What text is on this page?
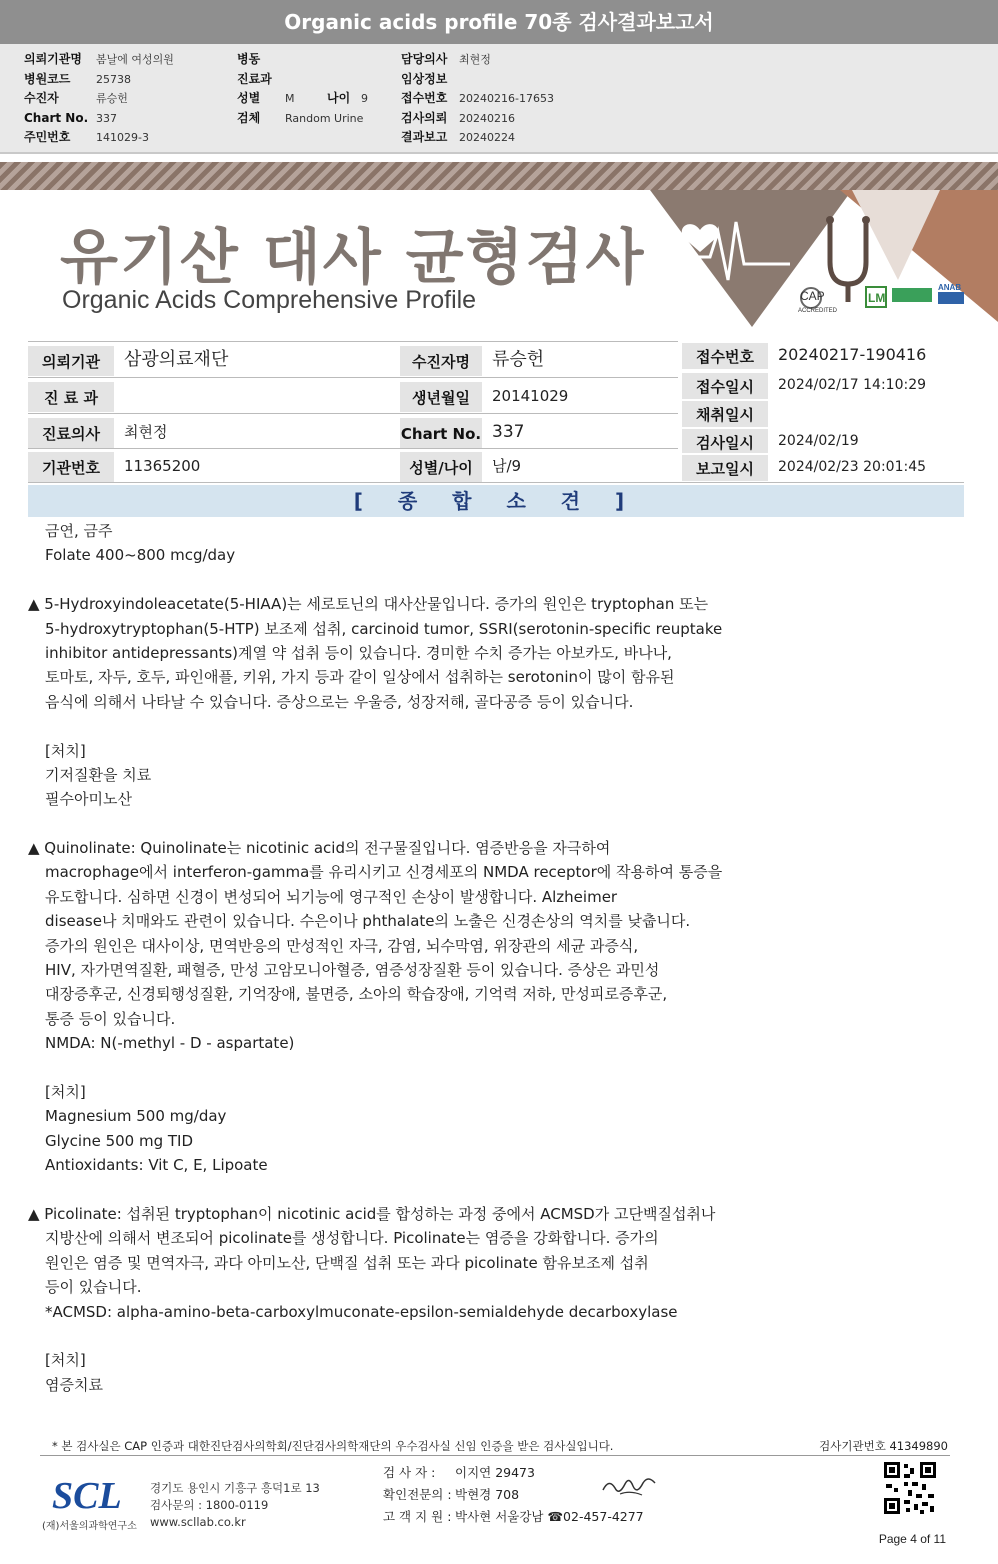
Organic acids profile 70종 검사결과보고서
의뢰기관명 봄날에 여성의원
병원코드 25738
수진자	류승헌
Chart No. 337
주민번호 141029-3
병동
진료과
성별 M	나이 9
검체 Random Urine
담당의사 최현정
임상정보
접수번호 20240216-17653
검사의뢰 20240216
결과보고 20240224
유기산 대사 균형검사
Organic Acids Comprehensive Profile	CAP
ACCREDITED
LM
ANAB
의뢰기관	삼광의료재단
진 료 과
진료의사	최현정
기관번호	11365200
수진자명	류승헌
생년월일	20141029
Chart No. 337
성별/나이	남/9
접수번호	20240217-190416
접수일시	2024/02/17 14:10:29
채취일시
검사일시	2024/02/19
보고일시	2024/02/23 20:01:45
[ 종 합 소 견 ]
금연, 금주
Folate 400~800 mcg/day
▲ 5-Hydroxyindoleacetate(5-HIAA)는 세로토닌의 대사산물입니다. 증가의 원인은 tryptophan 또는
5-hydroxytryptophan(5-HTP) 보조제 섭취, carcinoid tumor, SSRI(serotonin-specific reuptake
inhibitor antidepressants)계열 약 섭취 등이 있습니다. 경미한 수치 증가는 아보카도, 바나나,
토마토, 자두, 호두, 파인애플, 키위, 가지 등과 같이 일상에서 섭취하는 serotonin이 많이 함유된
음식에 의해서 나타날 수 있습니다. 증상으로는 우울증, 성장저해, 골다공증 등이 있습니다.
[처치]
기저질환을 치료
필수아미노산
▲ Quinolinate: Quinolinate는 nicotinic acid의 전구물질입니다. 염증반응을 자극하여
macrophage에서 interferon-gamma를 유리시키고 신경세포의 NMDA receptor에 작용하여 통증을
유도합니다. 심하면 신경이 변성되어 뇌기능에 영구적인 손상이 발생합니다. Alzheimer
disease나 치매와도 관련이 있습니다. 수은이나 phthalate의 노출은 신경손상의 역치를 낮춥니다.
증가의 원인은 대사이상, 면역반응의 만성적인 자극, 감염, 뇌수막염, 위장관의 세균 과증식,
HIV, 자가면역질환, 패혈증, 만성 고암모니아혈증, 염증성장질환 등이 있습니다. 증상은 과민성
대장증후군, 신경퇴행성질환, 기억장애, 불면증, 소아의 학습장애, 기억력 저하, 만성피로증후군,
통증 등이 있습니다.
NMDA: N(-methyl - D - aspartate)
[처치]
Magnesium 500 mg/day
Glycine 500 mg TID
Antioxidants: Vit C, E, Lipoate
▲ Picolinate: 섭취된 tryptophan이 nicotinic acid를 합성하는 과정 중에서 ACMSD가 고단백질섭취나
지방산에 의해서 변조되어 picolinate를 생성합니다. Picolinate는 염증을 강화합니다. 증가의
원인은 염증 및 면역자극, 과다 아미노산, 단백질 섭취 또는 과다 picolinate 함유보조제 섭취
등이 있습니다.
*ACMSD: alpha-amino-beta-carboxylmuconate-epsilon-semialdehyde decarboxylase
[처치]
염증치료
* 본 검사실은 CAP 인증과 대한진단검사의학회/진단검사의학재단의 우수검사실 신임 인증을 받은 검사실입니다.	검사기관번호 41349890
SCL
(재)서울의과학연구소
경기도 용인시 기흥구 흥덕1로 13
검사문의 : 1800-0119
www.scllab.co.kr
검 사 자 : 이지연 29473
확인전문의 : 박현경 708
고 객 지 원 : 박사현 서울강남 ☎02-457-4277
Page 4 of 11
